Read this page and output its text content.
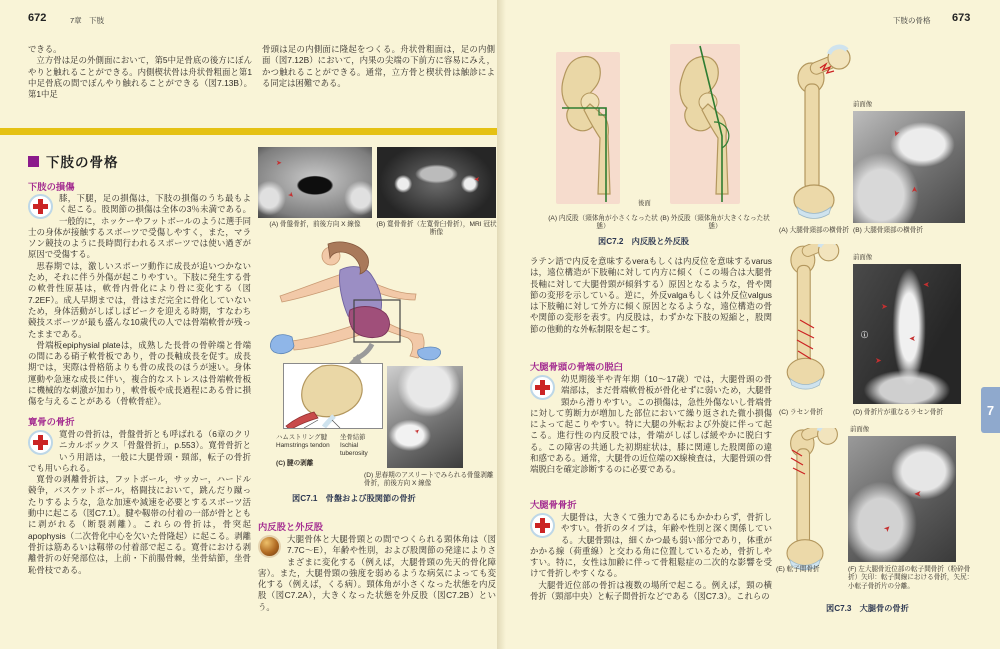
672	7章　下肢

できる。

立方骨は足の外側面において，第5中足骨底の後方にぼんやりと触れることができる。内側楔状骨は舟状骨粗面と第1中足骨底の間でぼんやり触れることができる（図7.13B）。第1中足

骨頭は足の内側面に隆起をつくる。舟状骨粗面は，足の内側面（図7.12B）において，内果の尖端の下前方に容易にみえ，かつ触れることができる。通常，立方骨と楔状骨は触診による同定は困難である。

下肢の骨格
下肢の損傷

膝，下腿，足の損傷は，下肢の損傷のうち最もよく起こる。股関節の損傷は全体の3％未満である。一般的に，ホッケーやフットボールのように選手同士の身体が接触するスポーツで受傷しやすく，また，マラソン競技のように長時間行われるスポーツでは使い過ぎが原因で受傷する。

思春期では，激しいスポーツ動作に成長が追いつかないため，それに伴う外傷が起こりやすい。下肢に発生する骨の軟骨性原基は，軟骨内骨化により骨に変化する（図7.2EF）。成人早期までは，骨はまだ完全に骨化していないため，身体活動がしばしばピークを迎える時期，すなわち競技スポーツが最も盛んな10歳代の人では骨端軟骨が残ったままである。

骨端板epiphysial plateは，成熟した長骨の骨幹端と骨端の間にある硝子軟骨板であり，骨の長軸成長を促す。成長期では，実際は骨格筋よりも骨の成長のほうが速い。身体運動や急速な成長に伴い，複合的なストレスは骨端軟骨板に機械的な刺激が加わり，軟骨板や成長過程にある骨に損傷を与えることがある（骨軟骨症）。

寛骨の骨折

寛骨の骨折は，骨盤骨折とも呼ばれる（6章のクリニカルボックス「骨盤骨折」，p.553）。寛骨骨折という用語は，一般に大腿骨頭・頸部，転子の骨折でも用いられる。

寛骨の剥離骨折は，フットボール，サッカー，ハードル競争，バスケットボール，格闘技において，跳んだり蹴ったりするような，急な加速や減速を必要とするスポーツ活動中に起こる（図C7.1）。腱や靱帯の付着の一部が骨とともに剥がれる（断裂剥離）。これらの骨折は，骨突起apophysis（二次骨化中心を欠いた骨隆起）に起こる。剥離骨折は筋あるいは靱帯の付着部で起こる。寛骨における剥離骨折の好発部位は，上前・下前腸骨棘，坐骨結節，坐骨恥骨枝である。

➤
➤
➤
(A) 骨盤骨折，前後方向 X 線像	(B) 寛骨骨折（左寛骨臼骨折），MRI 冠状断像
ハムストリング腱
Hamstrings tendon
坐骨結節
Ischial tuberosity
(C) 腱の剥離
➤
(D) 思春期のアスリートでみられる骨盤剥離骨折，前後方向 X 線像
図C7.1　骨盤および股関節の骨折
内反股と外反股

大腿骨体と大腿骨頸との間でつくられる頸体角は（図7.7C〜E），年齢や性別，および股関節の発達によりさまざまに変化する（例えば，大腿骨頸の先天的骨化障害）。また，大腿骨頸の強度を弱めるような病気によっても変化する（例えば，くる病）。頸体角が小さくなった状態を内反股（図C7.2A），大きくなった状態を外反股（図C7.2B）という。

下肢の骨格 673
後面
(A) 内反股（頸体角が小さくなった状態）
(B) 外反股（頸体角が大きくなった状態）
図C7.2　内反股と外反股

ラテン語で内反を意味するveraもしくは内反位を意味するvarusは，遠位構造が下肢軸に対して内方に傾く（この場合は大腿骨長軸に対して大腿骨頸が傾斜する）原因となるような，骨や関節の変形を示している。逆に，外反valgaもしくは外反位valgusは下肢軸に対して外方に傾く原因となるような，遠位構造の骨や関節の変形を表す。内反股は，わずかな下肢の短縮と，股関節の他動的な外転制限を起こす。

大腿骨頭の骨端の脱臼

幼児期後半や青年期（10〜17歳）では，大腿骨頭の骨端部は，まだ骨端軟骨板が骨化せずに弱いため，大腿骨頸から滑りやすい。この損傷は，急性外傷ないし骨端骨に対して剪断力が増加した部位において繰り返された微小損傷によって起こりやすい。特に大腿の外転および外旋に伴って起こる。進行性の内反股では，骨端がしばしば緩やかに脱臼する。この障害の共通した初期症状は，膝に関連した股関節の違和感である。通常，大腿骨の近位端のX線検査は，大腿骨頭の骨端脱臼を確定診断するのに必要である。

大腿骨骨折

大腿骨は，大きくて強力であるにもかかわらず，骨折しやすい。骨折のタイプは，年齢や性別と深く関係している。大腿骨頸は，細くかつ最も弱い部分であり，体重がかかる線（荷重線）と交わる角に位置しているため，骨折しやすい。特に，女性は加齢に伴って骨粗鬆症の二次的な影響を受けて骨折しやすくなる。

大腿骨近位部の骨折は複数の場所で起こる。例えば，頸の横骨折（頸部中央）と転子間骨折などである（図C7.3）。これらの

前面像
➤
➤
(A) 大腿骨頸部の横骨折 (B) 大腿骨頸部の横骨折
前面像
➤
➤
➤
➤
ⓘ
(C) ラセン骨折	(D) 骨折片が重なるラセン骨折
前面像
➤
➤
(E) 転子間骨折	(F) 左大腿骨近位部の転子間骨折（粉砕骨折）矢印：転子間線における骨折，矢尻：小転子骨折片の分離。
図C7.3　大腿骨の骨折
7
